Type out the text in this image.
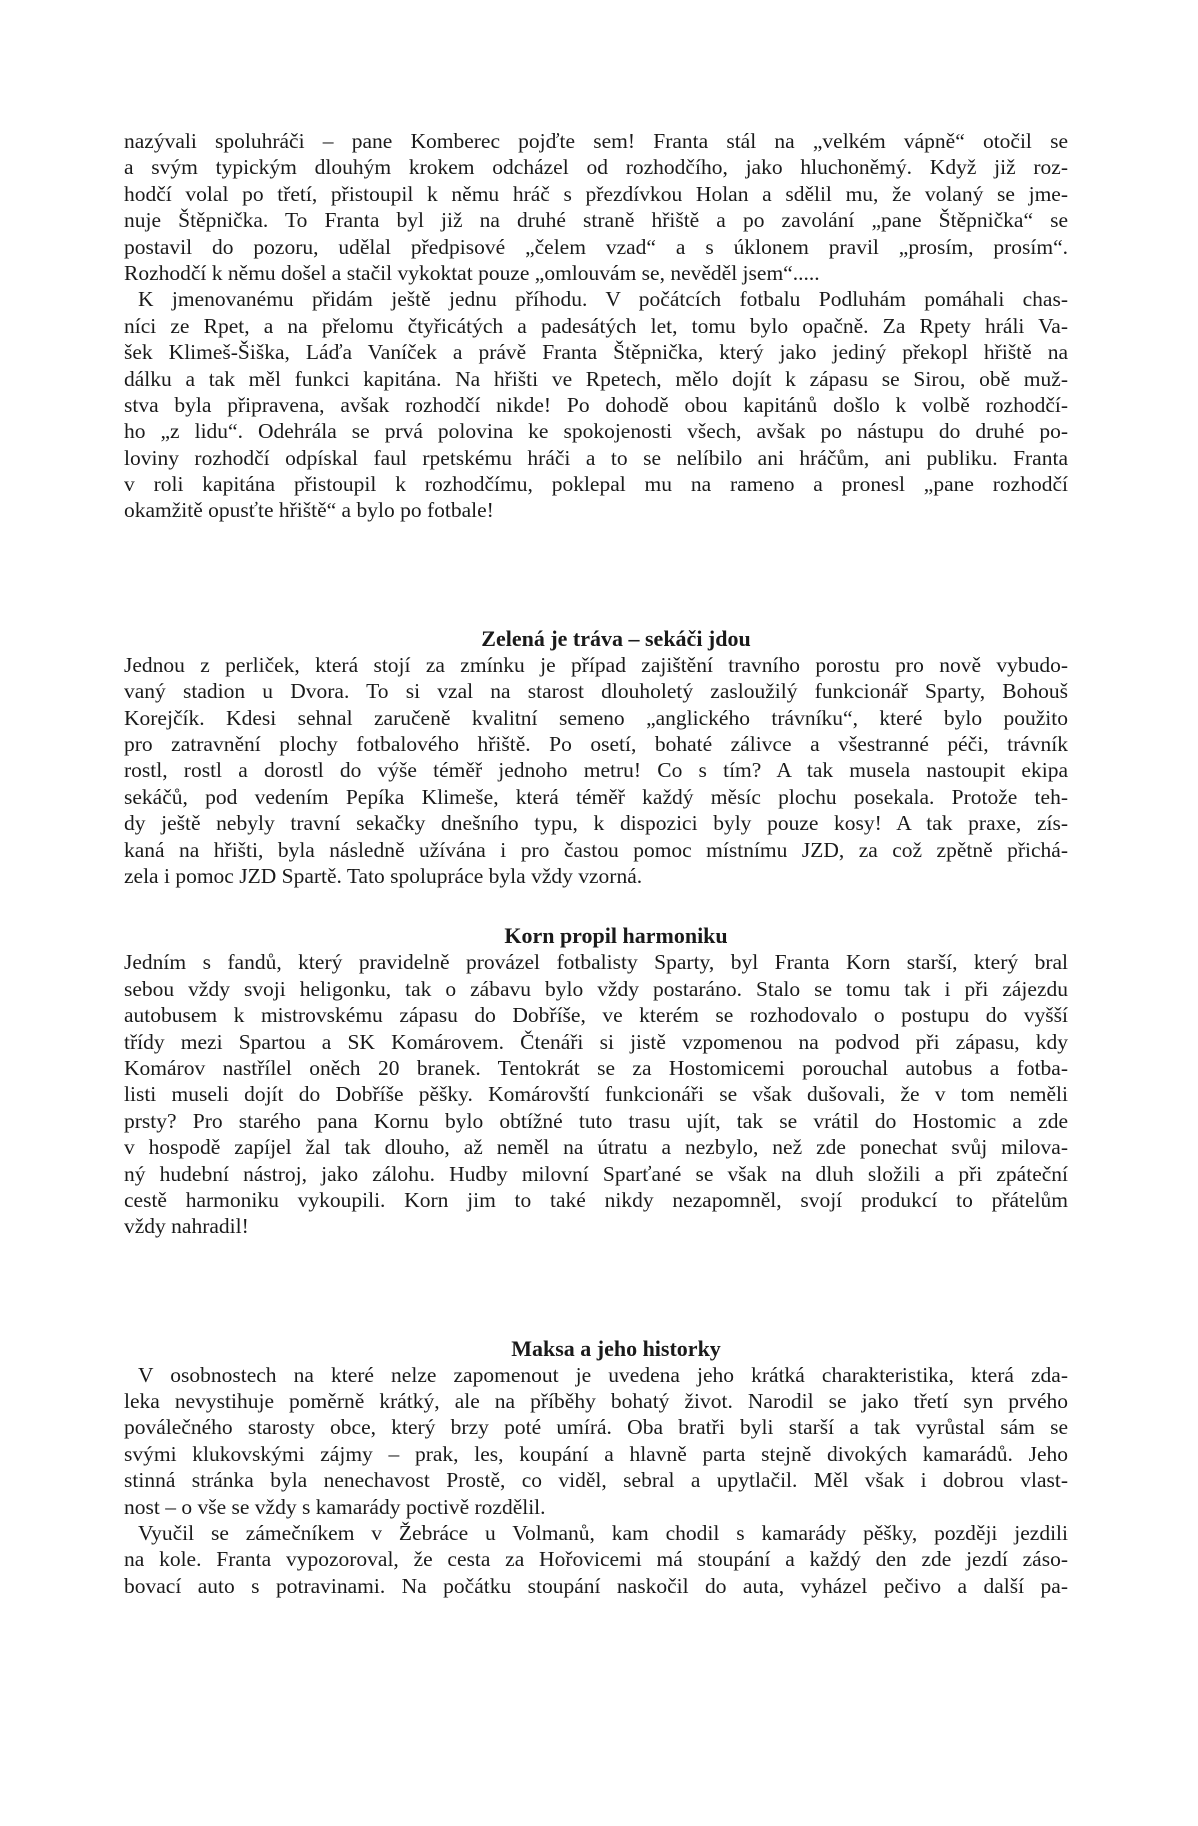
nazývali spoluhráči – pane Komberec pojďte sem! Franta stál na „velkém vápně“ otočil se
a svým typickým dlouhým krokem odcházel od rozhodčího, jako hluchoněmý. Když již roz-
hodčí volal po třetí, přistoupil k němu hráč s přezdívkou Holan a sdělil mu, že volaný se jme-
nuje Štěpnička. To Franta byl již na druhé straně hřiště a po zavolání „pane Štěpnička“ se
postavil do pozoru, udělal předpisové „čelem vzad“ a s úklonem pravil „prosím, prosím“.
Rozhodčí k němu došel a stačil vykoktat pouze „omlouvám se, nevěděl jsem“.....
K jmenovanému přidám ještě jednu příhodu. V počátcích fotbalu Podluhám pomáhali chas-
níci ze Rpet, a na přelomu čtyřicátých a padesátých let, tomu bylo opačně. Za Rpety hráli Va-
šek Klimeš-Šiška, Láďa Vaníček a právě Franta Štěpnička, který jako jediný překopl hřiště na
dálku a tak měl funkci kapitána. Na hřišti ve Rpetech, mělo dojít k zápasu se Sirou, obě muž-
stva byla připravena, avšak rozhodčí nikde! Po dohodě obou kapitánů došlo k volbě rozhodčí-
ho „z lidu“. Odehrála se prvá polovina ke spokojenosti všech, avšak po nástupu do druhé po-
loviny rozhodčí odpískal faul rpetskému hráči a to se nelíbilo ani hráčům, ani publiku. Franta
v roli kapitána přistoupil k rozhodčímu, poklepal mu na rameno a pronesl „pane rozhodčí
okamžitě opusťte hřiště“ a bylo po fotbale!
Zelená je tráva – sekáči jdou
Jednou z perliček, která stojí za zmínku je případ zajištění travního porostu pro nově vybudo-
vaný stadion u Dvora. To si vzal na starost dlouholetý zasloužilý funkcionář Sparty, Bohouš
Korejčík. Kdesi sehnal zaručeně kvalitní semeno „anglického trávníku“, které bylo použito
pro zatravnění plochy fotbalového hřiště. Po osetí, bohaté zálivce a všestranné péči, trávník
rostl, rostl a dorostl do výše téměř jednoho metru! Co s tím? A tak musela nastoupit ekipa
sekáčů, pod vedením Pepíka Klimeše, která téměř každý měsíc plochu posekala. Protože teh-
dy ještě nebyly travní sekačky dnešního typu, k dispozici byly pouze kosy! A tak praxe, zís-
kaná na hřišti, byla následně užívána i pro častou pomoc místnímu JZD, za což zpětně přichá-
zela i pomoc JZD Spartě. Tato spolupráce byla vždy vzorná.
Korn propil harmoniku
Jedním s fandů, který pravidelně provázel fotbalisty Sparty, byl Franta Korn starší, který bral
sebou vždy svoji heligonku, tak o zábavu bylo vždy postaráno. Stalo se tomu tak i při zájezdu
autobusem k mistrovskému zápasu do Dobříše, ve kterém se rozhodovalo o postupu do vyšší
třídy mezi Spartou a SK Komárovem. Čtenáři si jistě vzpomenou na podvod při zápasu, kdy
Komárov nastřílel oněch 20 branek. Tentokrát se za Hostomicemi porouchal autobus a fotba-
listi museli dojít do Dobříše pěšky. Komárovští funkcionáři se však dušovali, že v tom neměli
prsty? Pro starého pana Kornu bylo obtížné tuto trasu ujít, tak se vrátil do Hostomic a zde
v hospodě zapíjel žal tak dlouho, až neměl na útratu a nezbylo, než zde ponechat svůj milova-
ný hudební nástroj, jako zálohu. Hudby milovní Sparťané se však na dluh složili a při zpáteční
cestě harmoniku vykoupili. Korn jim to také nikdy nezapomněl, svojí produkcí to přátelům
vždy nahradil!
Maksa a jeho historky
V osobnostech na které nelze zapomenout je uvedena jeho krátká charakteristika, která zda-
leka nevystihuje poměrně krátký, ale na příběhy bohatý život. Narodil se jako třetí syn prvého
poválečného starosty obce, který brzy poté umírá. Oba bratři byli starší a tak vyrůstal sám se
svými klukovskými zájmy – prak, les, koupání a hlavně parta stejně divokých kamarádů. Jeho
stinná stránka byla nenechavost Prostě, co viděl, sebral a upytlačil. Měl však i dobrou vlast-
nost – o vše se vždy s kamarády poctivě rozdělil.
Vyučil se zámečníkem v Žebráce u Volmanů, kam chodil s kamarády pěšky, později jezdili
na kole. Franta vypozoroval, že cesta za Hořovicemi má stoupání a každý den zde jezdí záso-
bovací auto s potravinami. Na počátku stoupání naskočil do auta, vyházel pečivo a další pa-
